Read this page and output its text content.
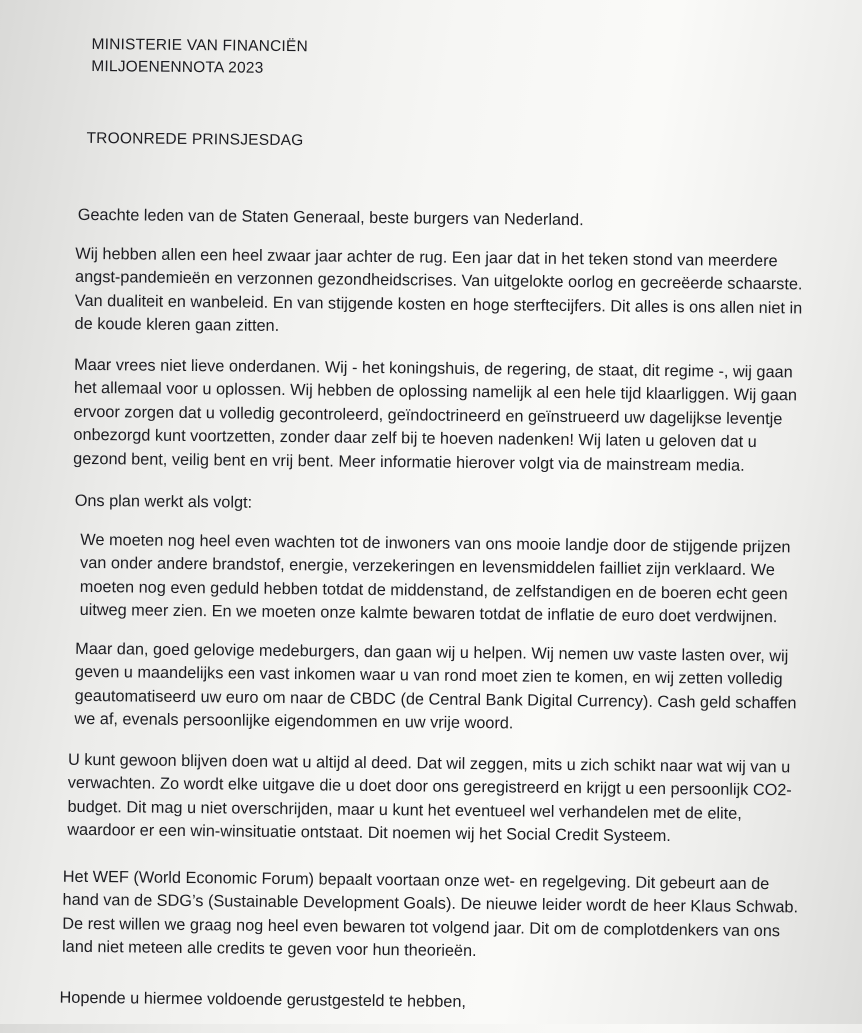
MINISTERIE VAN FINANCIËN
MILJOENENNOTA 2023
TROONREDE PRINSJESDAG
Geachte leden van de Staten Generaal, beste burgers van Nederland.
Wij hebben allen een heel zwaar jaar achter de rug. Een jaar dat in het teken stond van meerdere
angst-pandemieën en verzonnen gezondheidscrises. Van uitgelokte oorlog en gecreëerde schaarste.
Van dualiteit en wanbeleid. En van stijgende kosten en hoge sterftecijfers. Dit alles is ons allen niet in
de koude kleren gaan zitten.
Maar vrees niet lieve onderdanen. Wij - het koningshuis, de regering, de staat, dit regime -, wij gaan
het allemaal voor u oplossen. Wij hebben de oplossing namelijk al een hele tijd klaarliggen. Wij gaan
ervoor zorgen dat u volledig gecontroleerd, geïndoctrineerd en geïnstrueerd uw dagelijkse leventje
onbezorgd kunt voortzetten, zonder daar zelf bij te hoeven nadenken! Wij laten u geloven dat u
gezond bent, veilig bent en vrij bent. Meer informatie hierover volgt via de mainstream media.
Ons plan werkt als volgt:
We moeten nog heel even wachten tot de inwoners van ons mooie landje door de stijgende prijzen
van onder andere brandstof, energie, verzekeringen en levensmiddelen failliet zijn verklaard. We
moeten nog even geduld hebben totdat de middenstand, de zelfstandigen en de boeren echt geen
uitweg meer zien. En we moeten onze kalmte bewaren totdat de inflatie de euro doet verdwijnen.
Maar dan, goed gelovige medeburgers, dan gaan wij u helpen. Wij nemen uw vaste lasten over, wij
geven u maandelijks een vast inkomen waar u van rond moet zien te komen, en wij zetten volledig
geautomatiseerd uw euro om naar de CBDC (de Central Bank Digital Currency). Cash geld schaffen
we af, evenals persoonlijke eigendommen en uw vrije woord.
U kunt gewoon blijven doen wat u altijd al deed. Dat wil zeggen, mits u zich schikt naar wat wij van u
verwachten. Zo wordt elke uitgave die u doet door ons geregistreerd en krijgt u een persoonlijk CO2-
budget. Dit mag u niet overschrijden, maar u kunt het eventueel wel verhandelen met de elite,
waardoor er een win-winsituatie ontstaat. Dit noemen wij het Social Credit Systeem.
Het WEF (World Economic Forum) bepaalt voortaan onze wet- en regelgeving. Dit gebeurt aan de
hand van de SDG’s (Sustainable Development Goals). De nieuwe leider wordt de heer Klaus Schwab.
De rest willen we graag nog heel even bewaren tot volgend jaar. Dit om de complotdenkers van ons
land niet meteen alle credits te geven voor hun theorieën.
Hopende u hiermee voldoende gerustgesteld te hebben,
